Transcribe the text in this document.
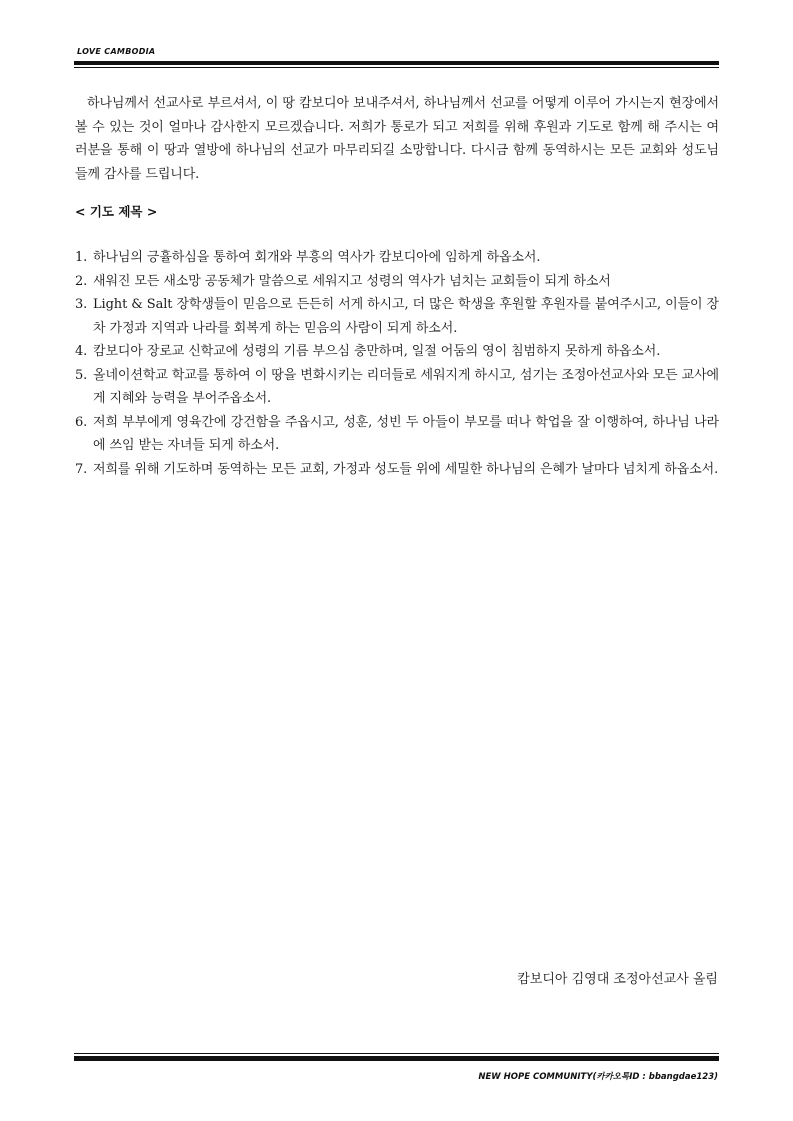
LOVE CAMBODIA
하나님께서 선교사로 부르셔서, 이 땅 캄보디아 보내주셔서, 하나님께서 선교를 어떻게 이루어 가시는지 현장에서 볼 수 있는 것이 얼마나 감사한지 모르겠습니다. 저희가 통로가 되고 저희를 위해 후원과 기도로 함께 해 주시는 여러분을 통해 이 땅과 열방에 하나님의 선교가 마무리되길 소망합니다. 다시금 함께 동역하시는 모든 교회와 성도님들께 감사를 드립니다.
< 기도 제목 >
1. 하나님의 긍휼하심을 통하여 회개와 부흥의 역사가 캄보디아에 임하게 하옵소서.
2. 새워진 모든 새소망 공동체가 말씀으로 세워지고 성령의 역사가 넘치는 교회들이 되게 하소서
3. Light & Salt 장학생들이 믿음으로 든든히 서게 하시고, 더 많은 학생을 후원할 후원자를 붙여주시고, 이들이 장차 가정과 지역과 나라를 회복게 하는 믿음의 사람이 되게 하소서.
4. 캄보디아 장로교 신학교에 성령의 기름 부으심 충만하며, 일절 어둠의 영이 침범하지 못하게 하옵소서.
5. 올네이션학교 학교를 통하여 이 땅을 변화시키는 리더들로 세워지게 하시고, 섬기는 조정아선교사와 모든 교사에게 지혜와 능력을 부어주옵소서.
6. 저희 부부에게 영육간에 강건함을 주옵시고, 성훈, 성빈 두 아들이 부모를 떠나 학업을 잘 이행하여, 하나님 나라에 쓰임 받는 자녀들 되게 하소서.
7. 저희를 위해 기도하며 동역하는 모든 교회, 가정과 성도들 위에 세밀한 하나님의 은혜가 날마다 넘치게 하옵소서.
캄보디아 김영대 조정아선교사 올림
NEW HOPE COMMUNITY(카카오톡ID : bbangdae123)
